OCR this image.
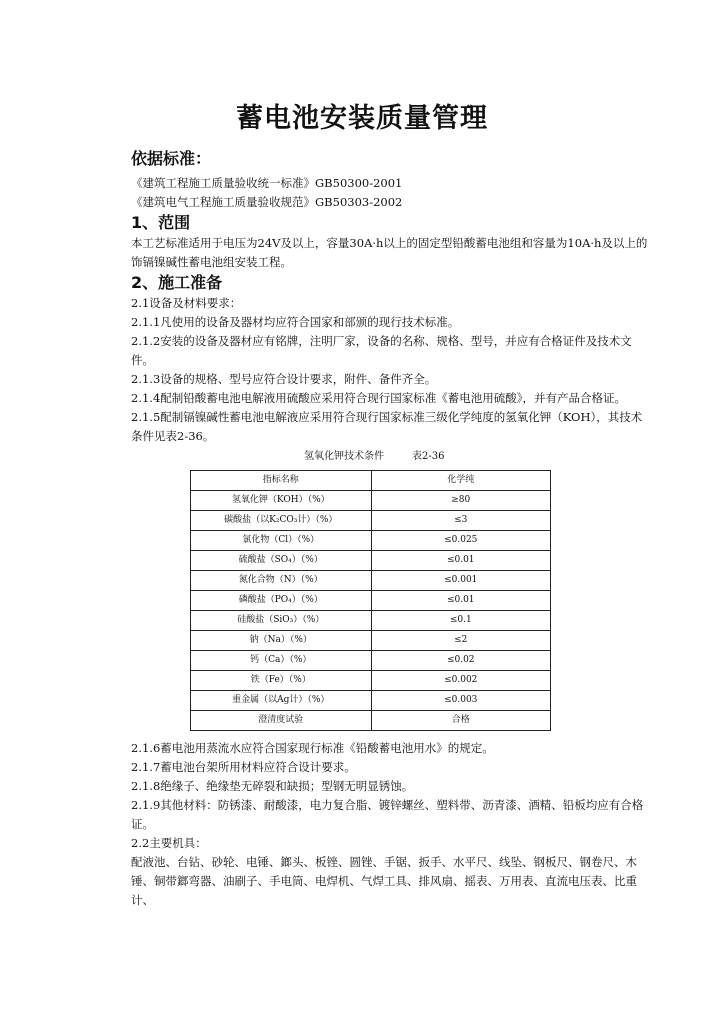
蓄电池安装质量管理

依据标准：

《建筑工程施工质量验收统一标准》GB50300-2001

《建筑电气工程施工质量验收规范》GB50303-2002

1、范围

本工艺标准适用于电压为24V及以上，容量30A·h以上的固定型铅酸蓄电池组和容量为10A·h及以上的饰镉镍碱性蓄电池组安装工程。

2、施工准备

2.1设备及材料要求：

2.1.1凡使用的设备及器材均应符合国家和部颁的现行技术标准。

2.1.2安装的设备及器材应有铭牌，注明厂家，设备的名称、规格、型号，并应有合格证件及技术文件。

2.1.3设备的规格、型号应符合设计要求，附件、备件齐全。

2.1.4配制铅酸蓄电池电解液用硫酸应采用符合现行国家标准《蓄电池用硫酸》，并有产品合格证。

2.1.5配制镉镍碱性蓄电池电解液应采用符合现行国家标准三级化学纯度的氢氧化钾（KOH），其技术条件见表2-36。

氢氧化钾技术条件	表2-36

指标名称	化学纯
氢氧化钾（KOH）（%）	≥80
碳酸盐（以K₂CO₃计）（%）	≤3
氯化物（Cl）（%）	≤0.025
硫酸盐（SO₄）（%）	≤0.01
氮化合物（N）（%）	≤0.001
磷酸盐（PO₄）（%）	≤0.01
硅酸盐（SiO₃）（%）	≤0.1
钠（Na）（%）	≤2
钙（Ca）（%）	≤0.02
铁（Fe）（%）	≤0.002
重金属（以Ag计）（%）	≤0.003
澄清度试验	合格

2.1.6蓄电池用蒸流水应符合国家现行标准《铅酸蓄电池用水》的规定。

2.1.7蓄电池台架所用材料应符合设计要求。

2.1.8绝缘子、绝缘垫无碎裂和缺损；型钢无明显锈蚀。

2.1.9其他材料：防锈漆、耐酸漆，电力复合脂、镀锌螺丝、塑料带、沥青漆、酒精、铅板均应有合格证。

2.2主要机具：

配液池、台钻、砂轮、电锤、鎯头、板锉、圆锉、手锯、扳手、水平尺、线坠、钢板尺、钢卷尺、木锤、铜带鎯弯器、油刷子、手电筒、电焊机、气焊工具、排风扇、摇表、万用表、直流电压表、比重计、
